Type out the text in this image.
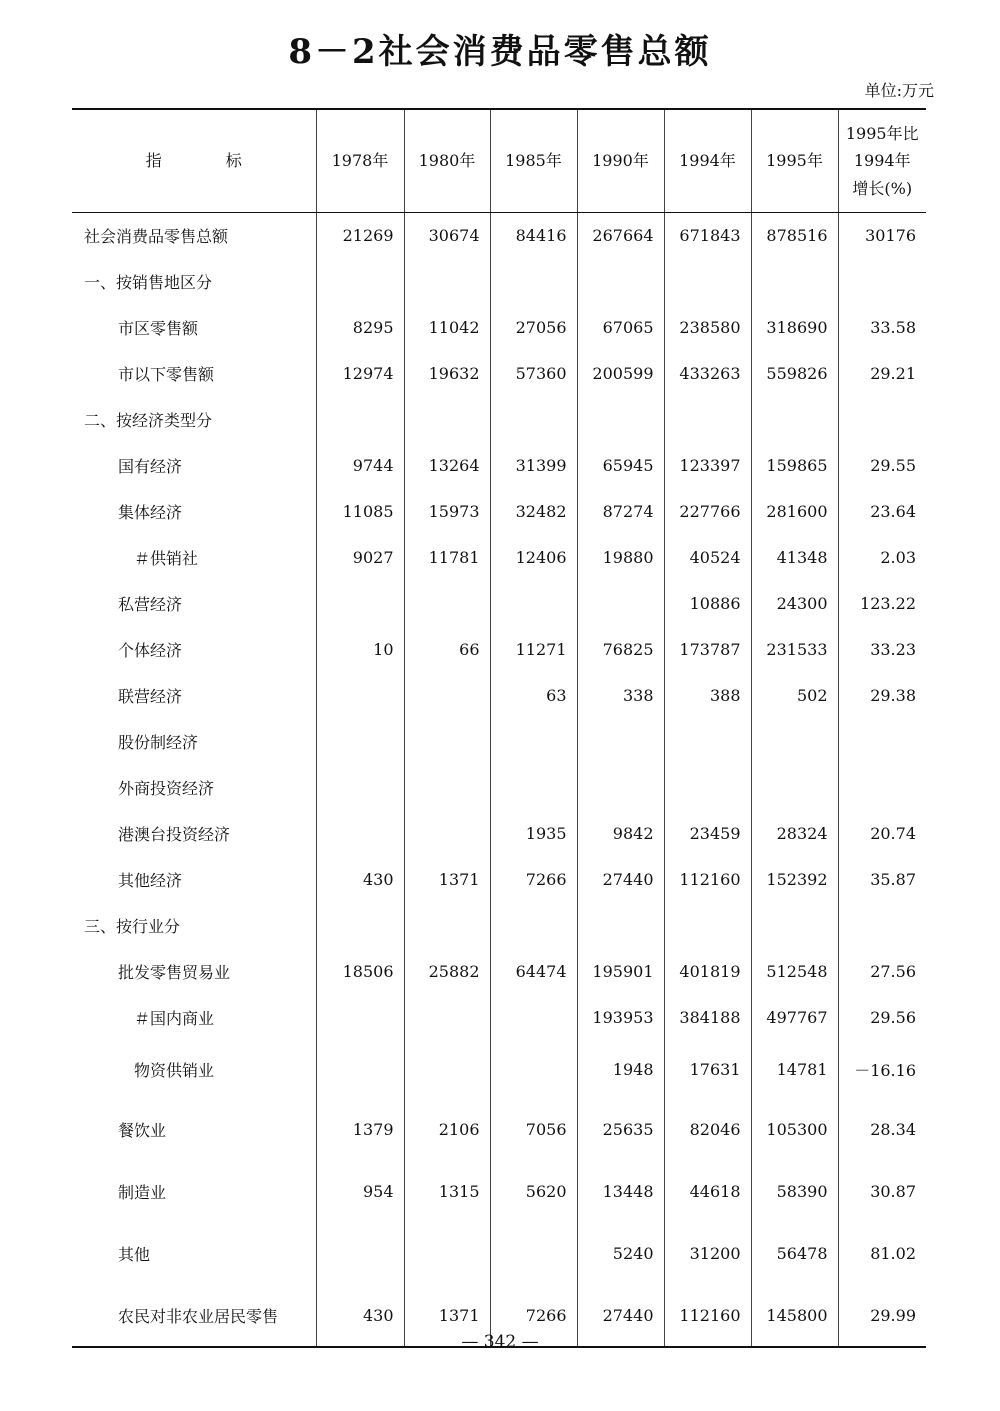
8－2社会消费品零售总额
单位:万元
指　　　　标	1978年	1980年	1985年	1990年	1994年	1995年	1995年比
1994年
增长(%)

社会消费品零售总额	21269	30674	84416	267664	671843	878516	30176
一、按销售地区分							
市区零售额	8295	11042	27056	67065	238580	318690	33.58
市以下零售额	12974	19632	57360	200599	433263	559826	29.21
二、按经济类型分							
国有经济	9744	13264	31399	65945	123397	159865	29.55
集体经济	11085	15973	32482	87274	227766	281600	23.64
＃供销社	9027	11781	12406	19880	40524	41348	2.03
私营经济					10886	24300	123.22
个体经济	10	66	11271	76825	173787	231533	33.23
联营经济			63	338	388	502	29.38
股份制经济							
外商投资经济							
港澳台投资经济			1935	9842	23459	28324	20.74
其他经济	430	1371	7266	27440	112160	152392	35.87
三、按行业分							
批发零售贸易业	18506	25882	64474	195901	401819	512548	27.56
＃国内商业				193953	384188	497767	29.56
物资供销业				1948	17631	14781	－16.16
餐饮业	1379	2106	7056	25635	82046	105300	28.34
制造业	954	1315	5620	13448	44618	58390	30.87
其他				5240	31200	56478	81.02
农民对非农业居民零售	430	1371	7266	27440	112160	145800	29.99
— 342 —
